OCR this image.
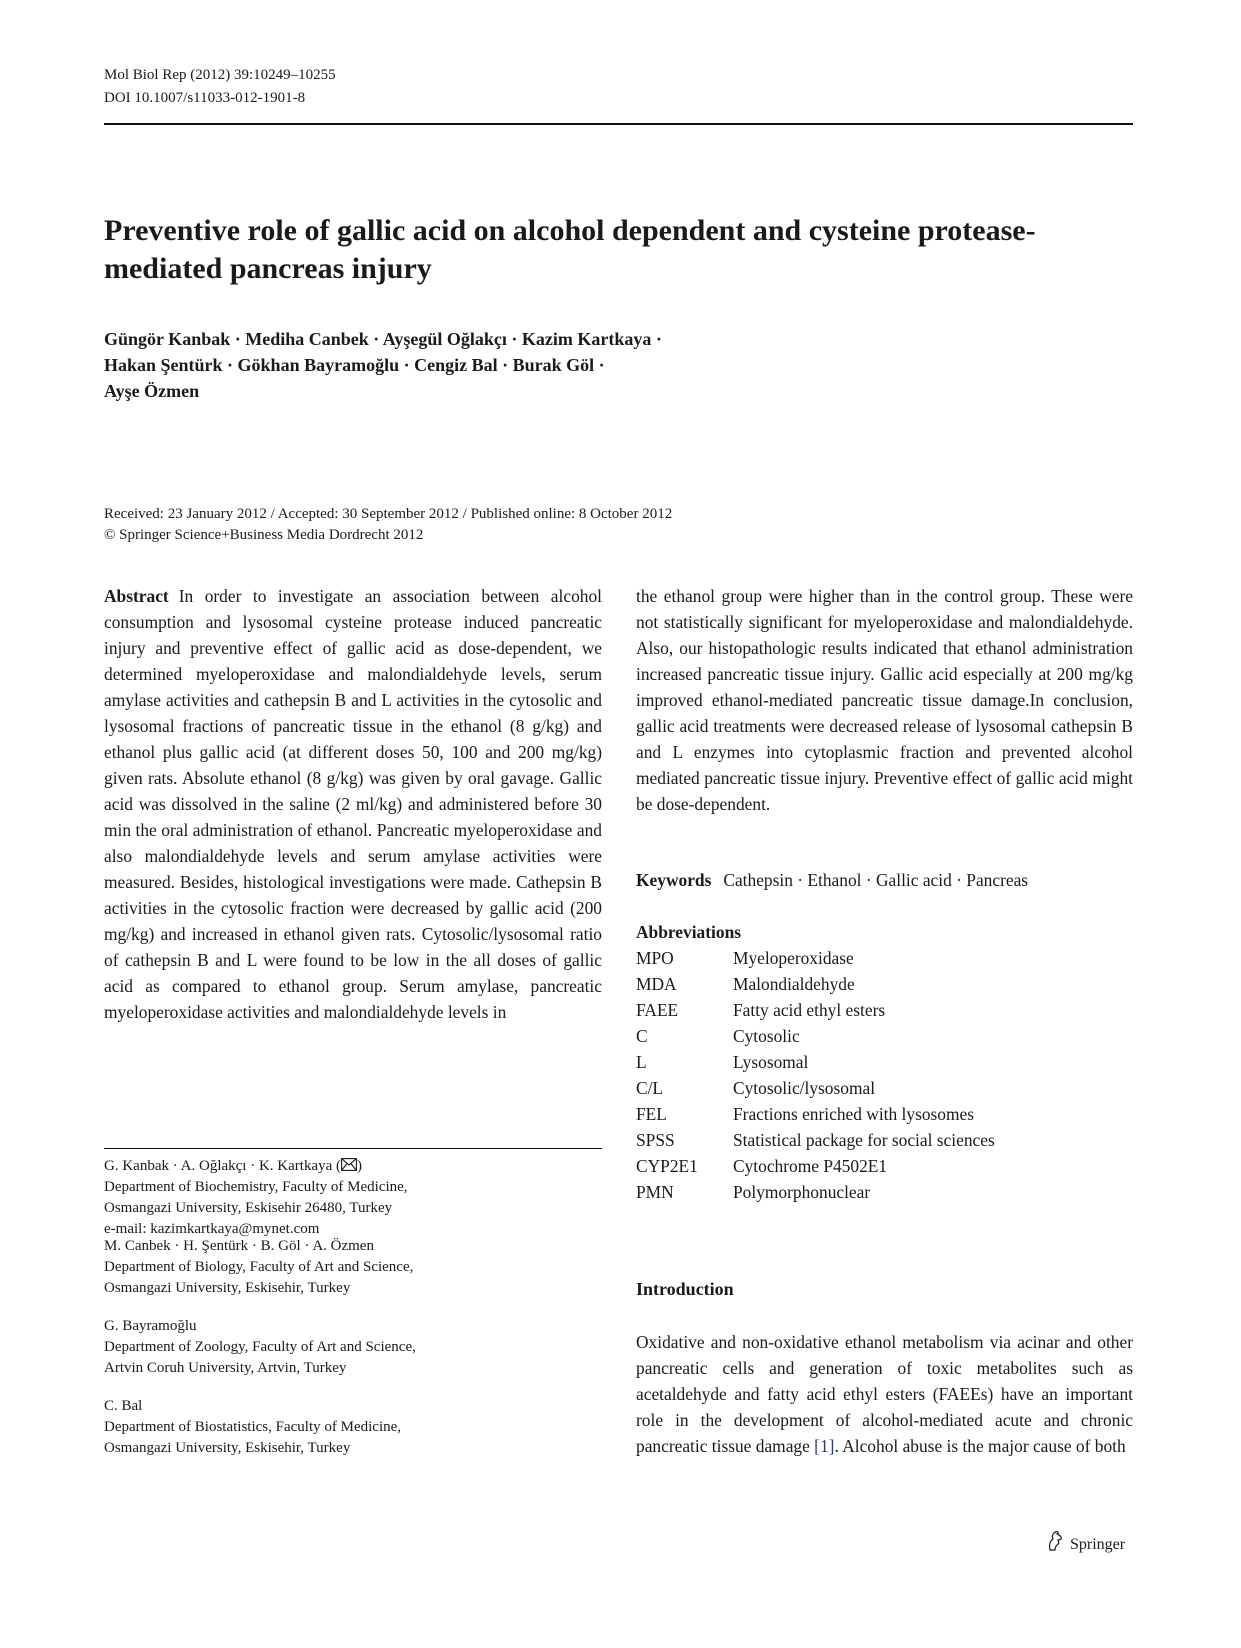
Mol Biol Rep (2012) 39:10249–10255
DOI 10.1007/s11033-012-1901-8
Preventive role of gallic acid on alcohol dependent and cysteine protease-mediated pancreas injury
Güngör Kanbak · Mediha Canbek · Ayşegül Oğlakçı · Kazim Kartkaya ·
Hakan Şentürk · Gökhan Bayramoğlu · Cengiz Bal · Burak Göl ·
Ayşe Özmen
Received: 23 January 2012 / Accepted: 30 September 2012 / Published online: 8 October 2012
© Springer Science+Business Media Dordrecht 2012
Abstract In order to investigate an association between alcohol consumption and lysosomal cysteine protease induced pancreatic injury and preventive effect of gallic acid as dose-dependent, we determined myeloperoxidase and malondialdehyde levels, serum amylase activities and cathepsin B and L activities in the cytosolic and lysosomal fractions of pancreatic tissue in the ethanol (8 g/kg) and ethanol plus gallic acid (at different doses 50, 100 and 200 mg/kg) given rats. Absolute ethanol (8 g/kg) was given by oral gavage. Gallic acid was dissolved in the saline (2 ml/kg) and administered before 30 min the oral administration of ethanol. Pancreatic myeloperoxidase and also malondialdehyde levels and serum amylase activities were measured. Besides, histological investigations were made. Cathepsin B activities in the cytosolic fraction were decreased by gallic acid (200 mg/kg) and increased in ethanol given rats. Cytosolic/lysosomal ratio of cathepsin B and L were found to be low in the all doses of gallic acid as compared to ethanol group. Serum amylase, pancreatic myeloperoxidase activities and malondialdehyde levels in
the ethanol group were higher than in the control group. These were not statistically significant for myeloperoxidase and malondialdehyde. Also, our histopathologic results indicated that ethanol administration increased pancreatic tissue injury. Gallic acid especially at 200 mg/kg improved ethanol-mediated pancreatic tissue damage.In conclusion, gallic acid treatments were decreased release of lysosomal cathepsin B and L enzymes into cytoplasmic fraction and prevented alcohol mediated pancreatic tissue injury. Preventive effect of gallic acid might be dose-dependent.
Keywords Cathepsin · Ethanol · Gallic acid · Pancreas
Abbreviations
MPO	Myeloperoxidase
MDA	Malondialdehyde
FAEE	Fatty acid ethyl esters
C	Cytosolic
L	Lysosomal
C/L	Cytosolic/lysosomal
FEL	Fractions enriched with lysosomes
SPSS	Statistical package for social sciences
CYP2E1	Cytochrome P4502E1
PMN	Polymorphonuclear
Introduction
Oxidative and non-oxidative ethanol metabolism via acinar and other pancreatic cells and generation of toxic metabolites such as acetaldehyde and fatty acid ethyl esters (FAEEs) have an important role in the development of alcohol-mediated acute and chronic pancreatic tissue damage [1]. Alcohol abuse is the major cause of both
G. Kanbak · A. Oğlakçı · K. Kartkaya ( )
Department of Biochemistry, Faculty of Medicine,
Osmangazi University, Eskisehir 26480, Turkey
e-mail: kazimkartkaya@mynet.com
M. Canbek · H. Şentürk · B. Göl · A. Özmen
Department of Biology, Faculty of Art and Science,
Osmangazi University, Eskisehir, Turkey
G. Bayramoğlu
Department of Zoology, Faculty of Art and Science,
Artvin Coruh University, Artvin, Turkey
C. Bal
Department of Biostatistics, Faculty of Medicine,
Osmangazi University, Eskisehir, Turkey
Springer
